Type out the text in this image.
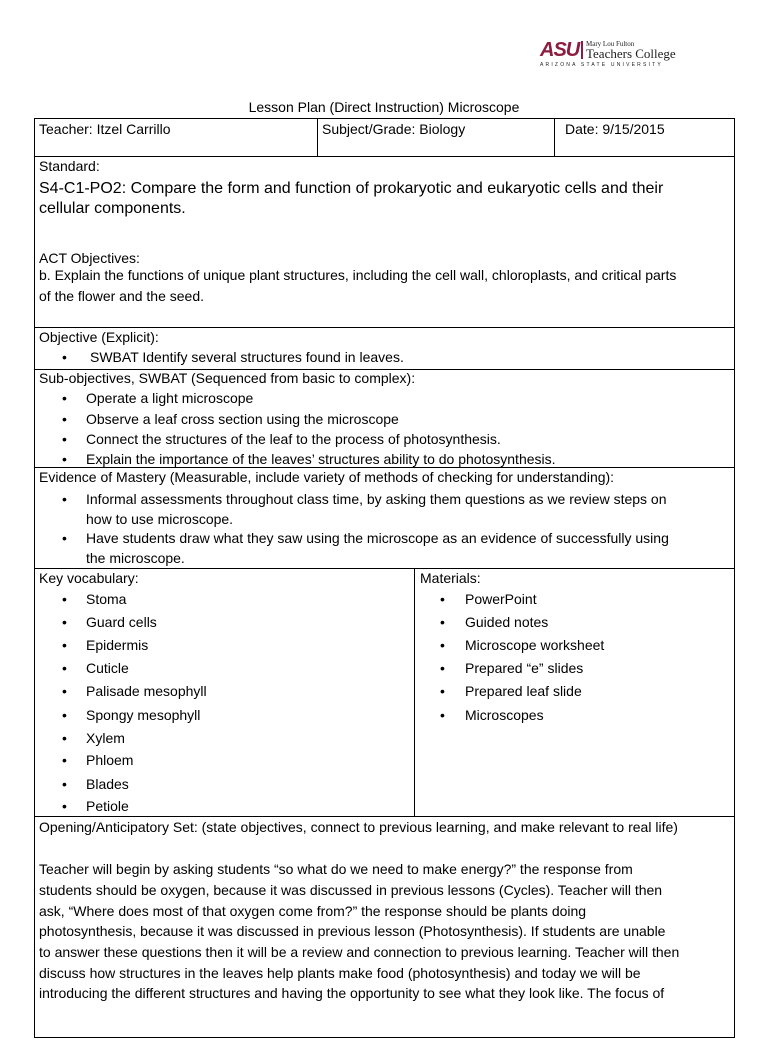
ASU Mary Lou Fulton
Teachers College
ARIZONA STATE UNIVERSITY
Lesson Plan (Direct Instruction) Microscope
Teacher: Itzel Carrillo	Subject/Grade: Biology	Date: 9/15/2015
Standard:
S4-C1-PO2: Compare the form and function of prokaryotic and eukaryotic cells and their
cellular components.
ACT Objectives:
b. Explain the functions of unique plant structures, including the cell wall, chloroplasts, and critical parts
of the flower and the seed.
Objective (Explicit):
• SWBAT Identify several structures found in leaves.
Sub-objectives, SWBAT (Sequenced from basic to complex):
• Operate a light microscope
• Observe a leaf cross section using the microscope
• Connect the structures of the leaf to the process of photosynthesis.
• Explain the importance of the leaves’ structures ability to do photosynthesis.
Evidence of Mastery (Measurable, include variety of methods of checking for understanding):
• Informal assessments throughout class time, by asking them questions as we review steps on
how to use microscope.
• Have students draw what they saw using the microscope as an evidence of successfully using
the microscope.
Key vocabulary:
• Stoma
• Guard cells
• Epidermis
• Cuticle
• Palisade mesophyll
• Spongy mesophyll
• Xylem
• Phloem
• Blades
• Petiole
Materials:
• PowerPoint
• Guided notes
• Microscope worksheet
• Prepared “e” slides
• Prepared leaf slide
• Microscopes
Opening/Anticipatory Set: (state objectives, connect to previous learning, and make relevant to real life)
Teacher will begin by asking students “so what do we need to make energy?” the response from
students should be oxygen, because it was discussed in previous lessons (Cycles). Teacher will then
ask, “Where does most of that oxygen come from?” the response should be plants doing
photosynthesis, because it was discussed in previous lesson (Photosynthesis). If students are unable
to answer these questions then it will be a review and connection to previous learning. Teacher will then
discuss how structures in the leaves help plants make food (photosynthesis) and today we will be
introducing the different structures and having the opportunity to see what they look like. The focus of
